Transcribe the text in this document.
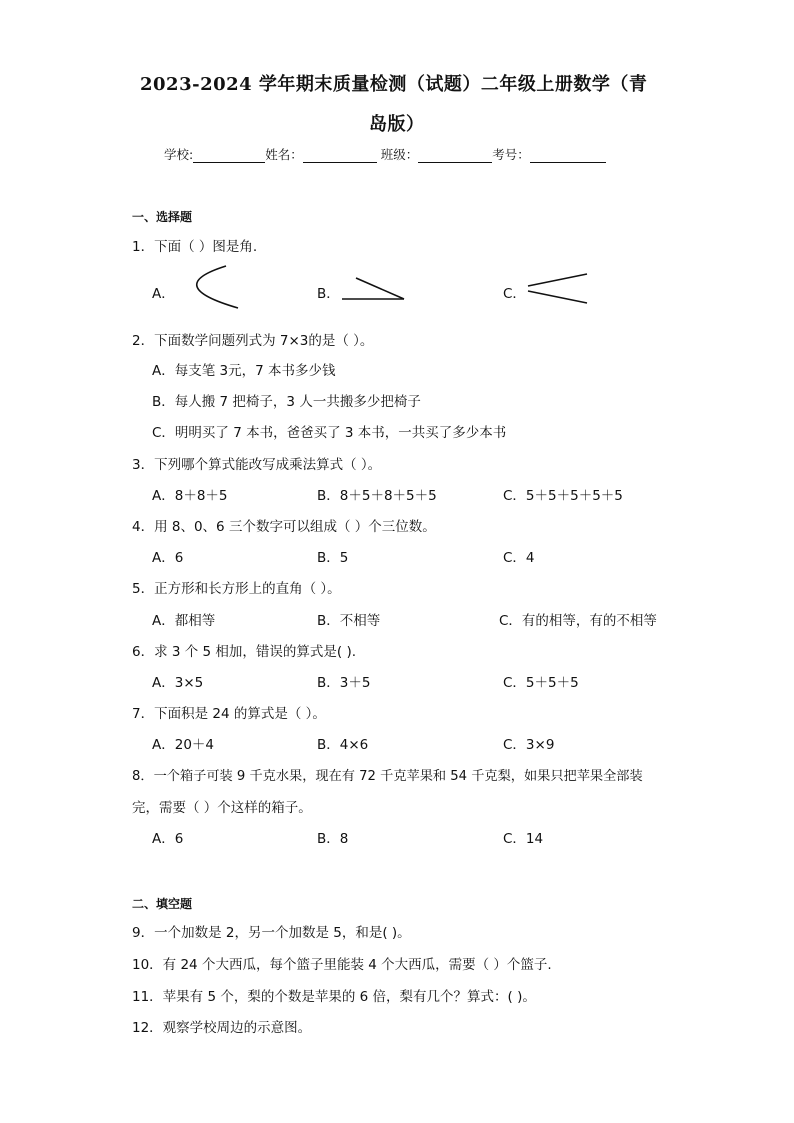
2023-2024 学年期末质量检测（试题）二年级上册数学（青
岛版）
学校:	姓名：	班级：	考号：
一、选择题
1．下面（ ）图是角.
A．	B．	C．
2．下面数学问题列式为 7×3的是（ ）。
A．每支笔 3元，7 本书多少钱
B．每人搬 7 把椅子，3 人一共搬多少把椅子
C．明明买了 7 本书，爸爸买了 3 本书，一共买了多少本书
3．下列哪个算式能改写成乘法算式（ ）。
A．8＋8＋5	B．8＋5＋8＋5＋5	C．5＋5＋5＋5＋5
4．用 8、0、6 三个数字可以组成（ ）个三位数。
A．6	B．5	C．4
5．正方形和长方形上的直角（ ）。
A．都相等	B．不相等	C．有的相等，有的不相等
6．求 3 个 5 相加，错误的算式是( ).
A．3×5	B．3＋5	C．5＋5＋5
7．下面积是 24 的算式是（ ）。
A．20＋4	B．4×6	C．3×9
8．一个箱子可装 9 千克水果，现在有 72 千克苹果和 54 千克梨，如果只把苹果全部装
完，需要（ ）个这样的箱子。
A．6	B．8	C．14
二、填空题
9．一个加数是 2，另一个加数是 5，和是( )。
10．有 24 个大西瓜，每个篮子里能装 4 个大西瓜，需要（ ）个篮子.
11．苹果有 5 个，梨的个数是苹果的 6 倍，梨有几个？算式：( )。
12．观察学校周边的示意图。
